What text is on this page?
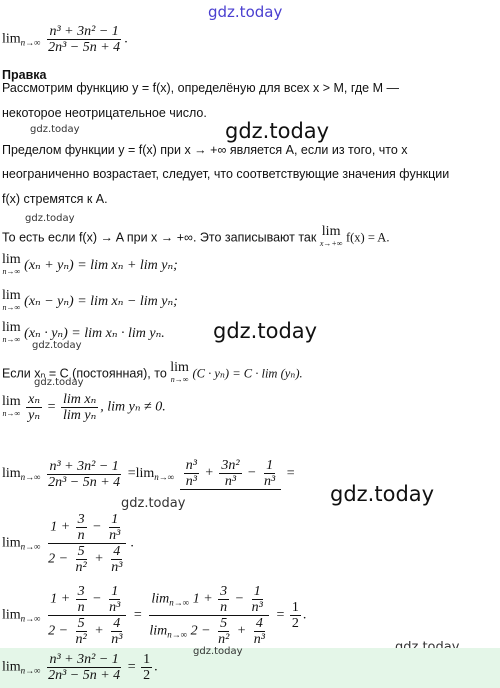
gdz.today
gdz.today	gdz.today
gdz.today
gdz.today
gdz.today
gdz.today
gdz.today	gdz.today
$\lim_{n\to\infty} \frac{\text{n³ + 3n² − 1}}{\text{2n³ − 5n + 4}}$ .
Правка
Рассмотрим функцию y = f(x), определёную для всех x > M, где M —
некоторое неотрицательное число.
Пределом функции y = f(x) при x → +∞ является A, если из того, что x
неограниченно возрастает, следует, что соответствующие значения функции
f(x) стремятся к A.
То есть если f(x) → A при x → +∞. Это записывают так lim
x→+∞ f(x) = A.
lim
n→∞ (xₙ + yₙ) = lim xₙ + lim yₙ;
lim
n→∞ (xₙ − yₙ) = lim xₙ − lim yₙ;
lim
n→∞ (xₙ · yₙ) = lim xₙ · lim yₙ.
Если xₙ = C (постоянная), то lim
n→∞ (C · yₙ) = C · lim (yₙ).
lim
n→∞
$\frac{\text{xₙ}}{\text{yₙ}} = \frac{\text{lim xₙ}}{\text{lim yₙ}}$ , lim yₙ ≠ 0.
$\lim_{n\to\infty} \frac{\text{n³ + 3n² − 1}}{\text{2n³ − 5n + 4}} =\lim_{n\to\infty} \frac{\text{n³}}{\text{n³}} + \frac{\text{3n²}}{\text{n³}} - \frac{1}{\text{n³}}$ =
$\lim_{n\to\infty} \frac{1 + \frac{3}{n} - \frac{1}{\text{n³}}}{2 - \frac{5}{\text{n²}} + \frac{4}{\text{n³}}}$ .
$\lim_{n\to\infty} \frac{1 + \frac{3}{n} - \frac{1}{\text{n³}}}{2 - \frac{5}{\text{n²}} + \frac{4}{\text{n³}}} = \frac{\lim_{n\to\infty} 1 + \frac{3}{n} - \frac{1}{\text{n³}}}{\lim_{n\to\infty} 2 - \frac{5}{\text{n²}} + \frac{4}{\text{n³}}} = \frac{1}{2}$ .
$\lim_{n\to\infty} \frac{\text{n³ + 3n² − 1}}{\text{2n³ − 5n + 4}} = \frac{1}{2}$ .
gdz.today
